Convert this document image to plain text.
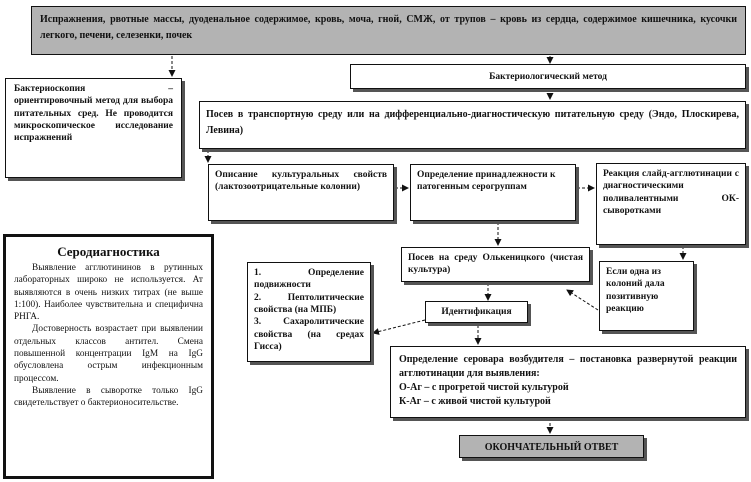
Испражнения, рвотные массы, дуоденальное содержимое, кровь, моча, гной, СМЖ, от трупов – кровь из сердца, содержимое кишечника, кусочки легкого, печени, селезенки, почек
Бактериоскопия – ориентировочный метод для выбора питательных сред. Не проводится микроскопическое исследование испражнений
Бактериологический метод
Посев в транспортную среду или на дифференциально-диагностическую питательную среду (Эндо, Плоскирева, Левина)
Описание культуральных свойств (лактозоотрицательные колонии)
Определение принадлежности к патогенным серогруппам
Реакция слайд-агглютинации с диагностическими поливалентными ОК-сыворотками
Посев на среду Олькеницкого (чистая культура)	Если одна из колоний дала позитивную реакцию
Идентификация

1. Определение подвижности

2. Пептолитические свойства (на МПБ)

3. Сахаролитические свойства (на средах Гисса)

Определение серовара возбудителя – постановка развернутой реакции агглютинации для выявления:

О-Аг – с прогретой чистой культурой

К-Аг – с живой чистой культурой

ОКОНЧАТЕЛЬНЫЙ ОТВЕТ
Серодиагностика

Выявление агглютининов в рутинных лабораторных широко не используется. Ат выявляются в очень низких титрах (не выше 1:100). Наиболее чувствительна и специфична РНГА.

Достоверность возрастает при выявлении отдельных классов антител. Смена повышенной концентрации IgM на IgG обусловлена острым инфекционным процессом.

Выявление в сыворотке только IgG свидетельствует о бактерионосительстве.
